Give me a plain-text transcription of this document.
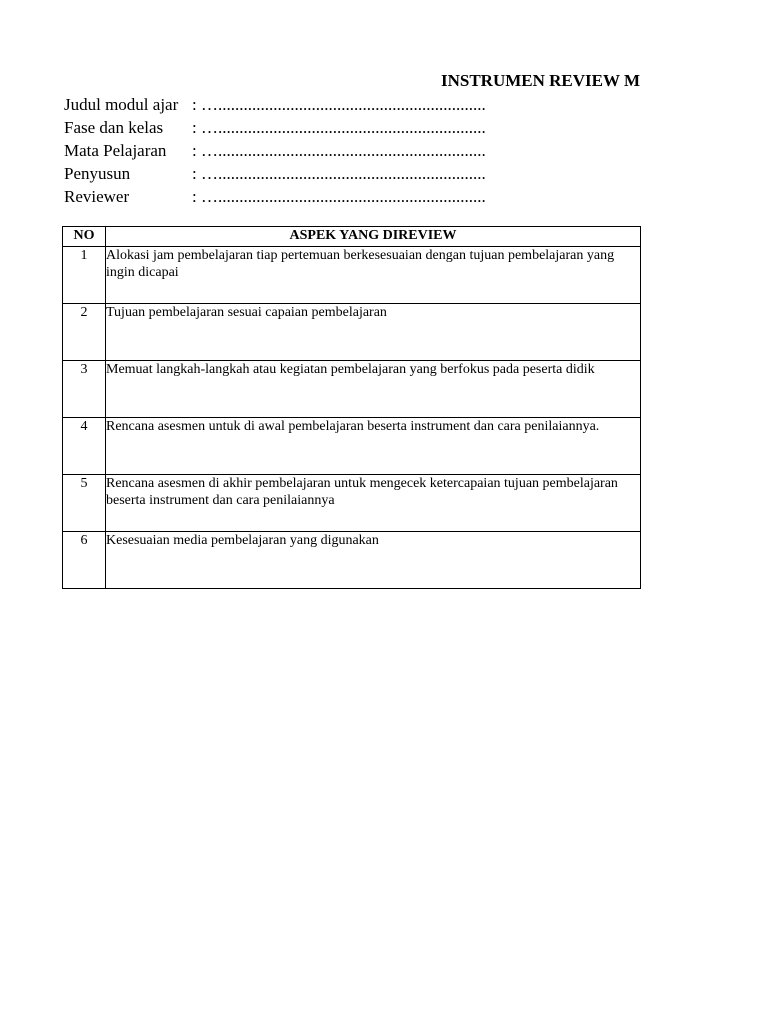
INSTRUMEN REVIEW M
Judul modul ajar : …...............................................................
Fase dan kelas : …...............................................................
Mata Pelajaran : …...............................................................
Penyusun	: …...............................................................
Reviewer	: …...............................................................
NO	ASPEK YANG DIREVIEW
1	Alokasi jam pembelajaran tiap pertemuan berkesesuaian dengan tujuan pembelajaran yang ingin dicapai
2	Tujuan pembelajaran sesuai capaian pembelajaran
3	Memuat langkah-langkah atau kegiatan pembelajaran yang berfokus pada peserta didik
4	Rencana asesmen untuk di awal pembelajaran beserta instrument dan cara penilaiannya.
5	Rencana asesmen di akhir pembelajaran untuk mengecek ketercapaian tujuan pembelajaran beserta instrument dan cara penilaiannya
6	Kesesuaian media pembelajaran yang digunakan
